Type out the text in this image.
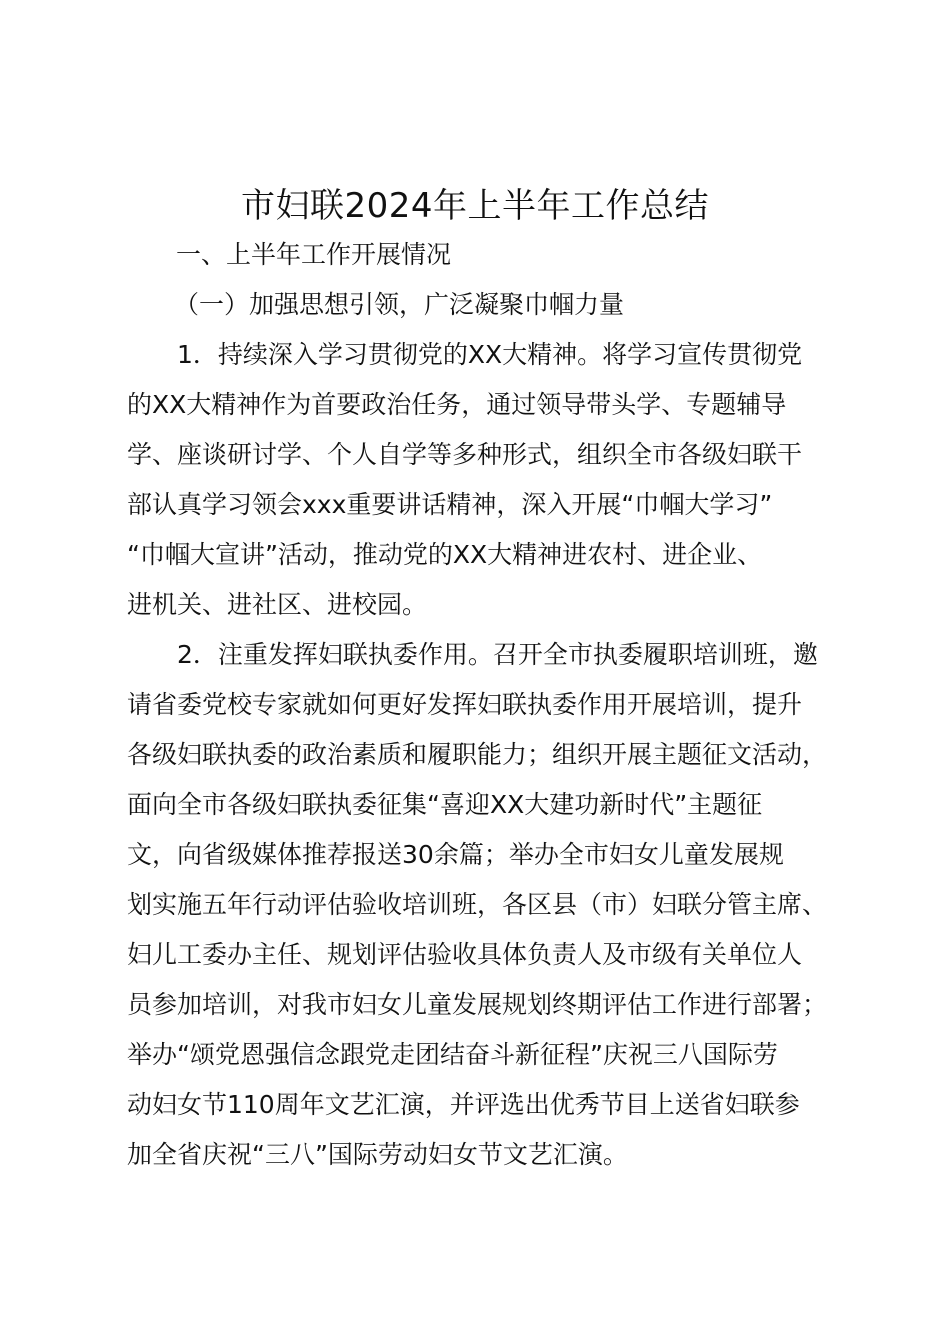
市妇联2024年上半年工作总结
一、上半年工作开展情况
（一）加强思想引领，广泛凝聚巾帼力量
1．持续深入学习贯彻党的XX大精神。将学习宣传贯彻党
的XX大精神作为首要政治任务，通过领导带头学、专题辅导
学、座谈研讨学、个人自学等多种形式，组织全市各级妇联干
部认真学习领会xxx重要讲话精神，深入开展“巾帼大学习”
“巾帼大宣讲”活动，推动党的XX大精神进农村、进企业、
进机关、进社区、进校园。
2．注重发挥妇联执委作用。召开全市执委履职培训班，邀
请省委党校专家就如何更好发挥妇联执委作用开展培训，提升
各级妇联执委的政治素质和履职能力；组织开展主题征文活动，
面向全市各级妇联执委征集“喜迎XX大建功新时代”主题征
文，向省级媒体推荐报送30余篇；举办全市妇女儿童发展规
划实施五年行动评估验收培训班，各区县（市）妇联分管主席、
妇儿工委办主任、规划评估验收具体负责人及市级有关单位人
员参加培训，对我市妇女儿童发展规划终期评估工作进行部署；
举办“颂党恩强信念跟党走团结奋斗新征程”庆祝三八国际劳
动妇女节110周年文艺汇演，并评选出优秀节目上送省妇联参
加全省庆祝“三八”国际劳动妇女节文艺汇演。
